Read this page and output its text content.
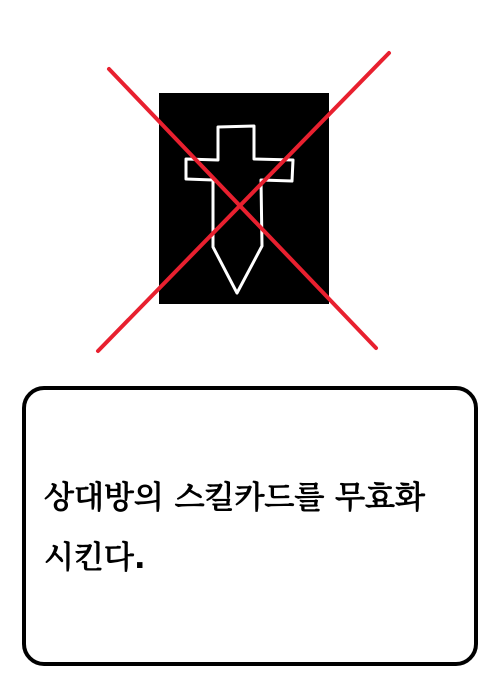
상대방의 스킬카드를 무효화 시킨다.
